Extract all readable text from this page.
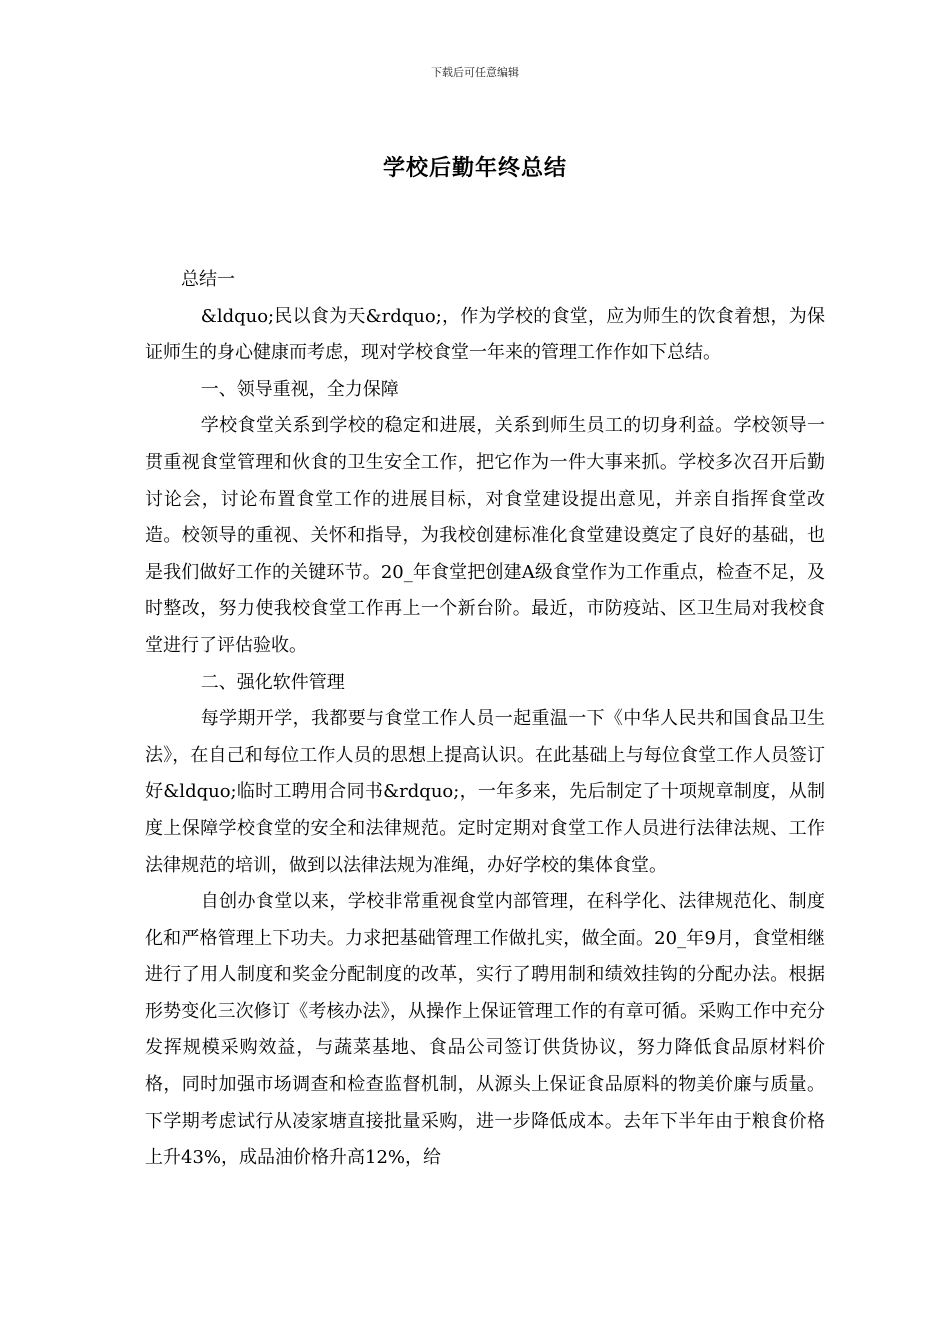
下载后可任意编辑
学校后勤年终总结

总结一

&ldquo;民以食为天&rdquo;，作为学校的食堂，应为师生的饮食着想，为保证师生的身心健康而考虑，现对学校食堂一年来的管理工作作如下总结。

一、领导重视，全力保障

学校食堂关系到学校的稳定和进展，关系到师生员工的切身利益。学校领导一贯重视食堂管理和伙食的卫生安全工作，把它作为一件大事来抓。学校多次召开后勤讨论会，讨论布置食堂工作的进展目标，对食堂建设提出意见，并亲自指挥食堂改造。校领导的重视、关怀和指导，为我校创建标准化食堂建设奠定了良好的基础，也是我们做好工作的关键环节。20_年食堂把创建A级食堂作为工作重点，检查不足，及时整改，努力使我校食堂工作再上一个新台阶。最近，市防疫站、区卫生局对我校食堂进行了评估验收。

二、强化软件管理

每学期开学，我都要与食堂工作人员一起重温一下《中华人民共和国食品卫生法》，在自己和每位工作人员的思想上提高认识。在此基础上与每位食堂工作人员签订好&ldquo;临时工聘用合同书&rdquo;，一年多来，先后制定了十项规章制度，从制度上保障学校食堂的安全和法律规范。定时定期对食堂工作人员进行法律法规、工作法律规范的培训，做到以法律法规为准绳，办好学校的集体食堂。

自创办食堂以来，学校非常重视食堂内部管理，在科学化、法律规范化、制度化和严格管理上下功夫。力求把基础管理工作做扎实，做全面。20_年9月，食堂相继进行了用人制度和奖金分配制度的改革，实行了聘用制和绩效挂钩的分配办法。根据形势变化三次修订《考核办法》，从操作上保证管理工作的有章可循。采购工作中充分发挥规模采购效益，与蔬菜基地、食品公司签订供货协议，努力降低食品原材料价格，同时加强市场调查和检查监督机制，从源头上保证食品原料的物美价廉与质量。下学期考虑试行从凌家塘直接批量采购，进一步降低成本。去年下半年由于粮食价格上升43%，成品油价格升高12%，给
